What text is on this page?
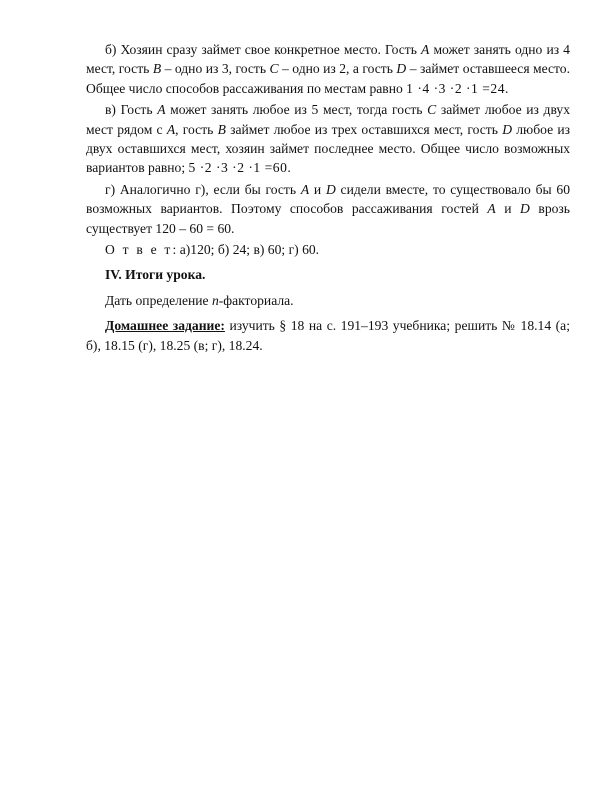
б) Хозяин сразу займет свое конкретное место. Гость A может занять одно из 4 мест, гость B – одно из 3, гость C – одно из 2, а гость D – займет оставшееся место. Общее число способов рассаживания по местам равно 1 ·4 ·3 ·2 ·1 =24.

в) Гость A может занять любое из 5 мест, тогда гость C займет любое из двух мест рядом с A, гость B займет любое из трех оставшихся мест, гость D любое из двух оставшихся мест, хозяин займет последнее место. Общее число возможных вариантов равно; 5 ·2 ·3 ·2 ·1 =60.

г) Аналогично г), если бы гость A и D сидели вместе, то существовало бы 60 возможных вариантов. Поэтому способов рассаживания гостей A и D врозь существует 120 – 60 = 60.

О т в е т: а)120; б) 24; в) 60; г) 60.

IV. Итоги урока.

Дать определение n-факториала.

Домашнее задание: изучить § 18 на с. 191–193 учебника; решить № 18.14 (а; б), 18.15 (г), 18.25 (в; г), 18.24.
